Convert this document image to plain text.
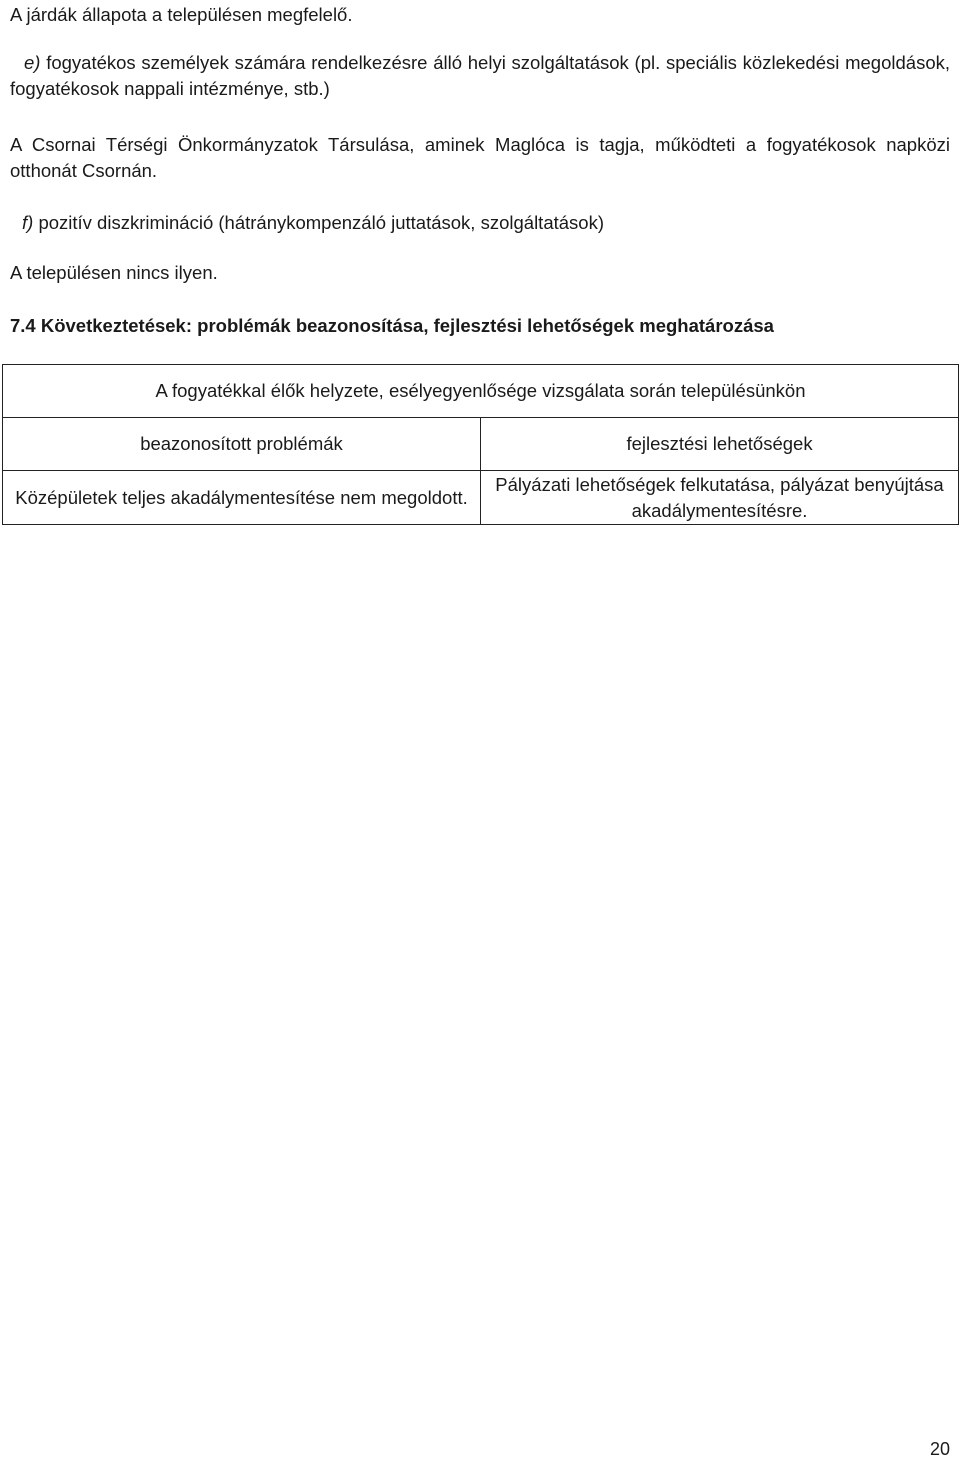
A járdák állapota a településen megfelelő.

e) fogyatékos személyek számára rendelkezésre álló helyi szolgáltatások (pl. speciális közlekedési megoldások, fogyatékosok nappali intézménye, stb.)

A Csornai Térségi Önkormányzatok Társulása, aminek Maglóca is tagja, működteti a fogyatékosok napközi otthonát Csornán.

f) pozitív diszkrimináció (hátránykompenzáló juttatások, szolgáltatások)

A településen nincs ilyen.

7.4 Következtetések: problémák beazonosítása, fejlesztési lehetőségek meghatározása
A fogyatékkal élők helyzete, esélyegyenlősége vizsgálata során településünkön	
beazonosított problémák	fejlesztési lehetőségek
Középületek teljes akadálymentesítése nem megoldott.	Pályázati lehetőségek felkutatása, pályázat benyújtása akadálymentesítésre.
20
